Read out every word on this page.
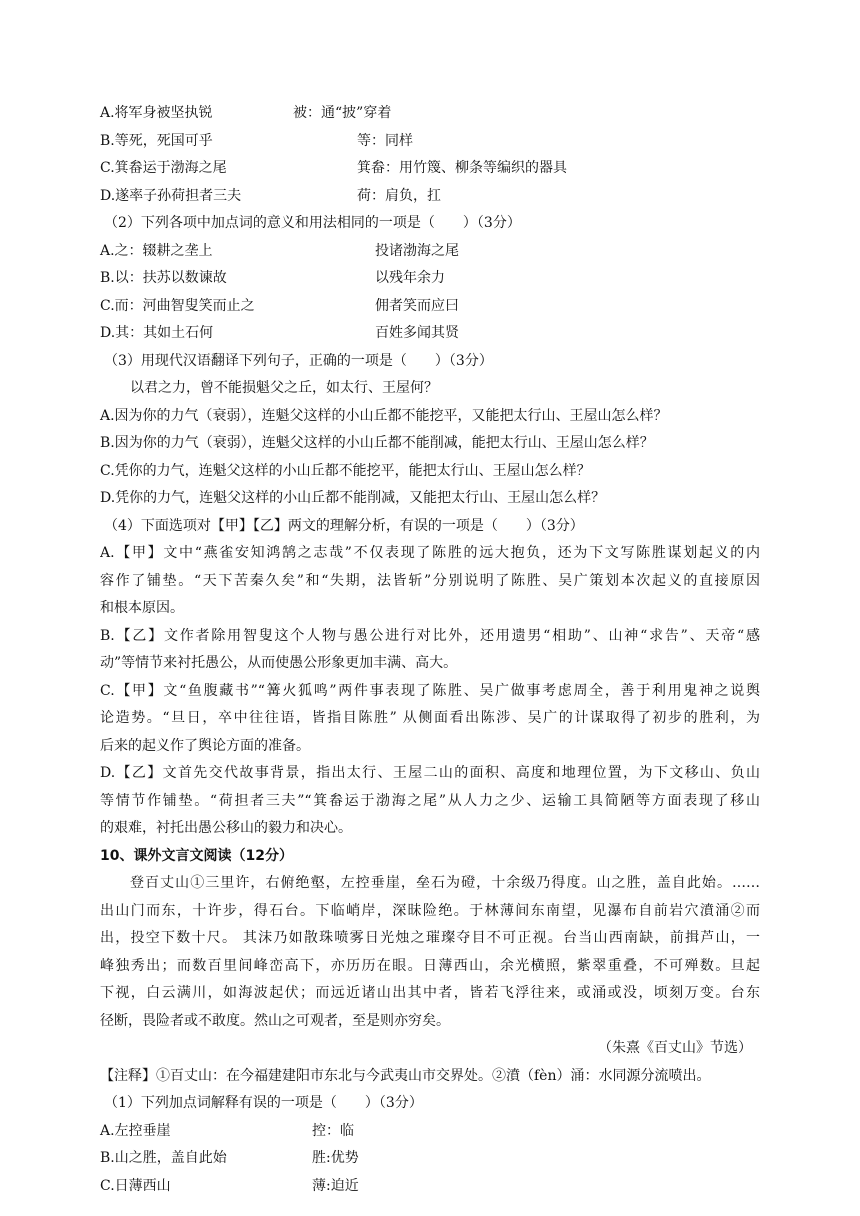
A.将军身被坚执锐	被：通“披”穿着
B.等死，死国可乎	等：同样
C.箕畚运于渤海之尾	箕畚：用竹篾、柳条等编织的器具
D.遂率子孙荷担者三夫	荷：肩负，扛
（2）下列各项中加点词的意义和用法相同的一项是（　　）（3分）
A.之：辍耕之垄上	投诸渤海之尾
B.以：扶苏以数谏故	以残年余力
C.而：河曲智叟笑而止之	佣者笑而应曰
D.其：其如土石何	百姓多闻其贤
（3）用现代汉语翻译下列句子，正确的一项是（　　）（3分）
以君之力，曾不能损魁父之丘，如太行、王屋何？
A.因为你的力气（衰弱），连魁父这样的小山丘都不能挖平，又能把太行山、王屋山怎么样？
B.因为你的力气（衰弱），连魁父这样的小山丘都不能削减，能把太行山、王屋山怎么样？
C.凭你的力气，连魁父这样的小山丘都不能挖平，能把太行山、王屋山怎么样？
D.凭你的力气，连魁父这样的小山丘都不能削减，又能把太行山、王屋山怎么样？
（4）下面选项对【甲】【乙】两文的理解分析，有误的一项是（　　）（3分）
A.【甲】文中“燕雀安知鸿鹄之志哉”不仅表现了陈胜的远大抱负，还为下文写陈胜谋划起义的内
容作了铺垫。“天下苦秦久矣”和“失期，法皆斩”分别说明了陈胜、吴广策划本次起义的直接原因
和根本原因。
B.【乙】文作者除用智叟这个人物与愚公进行对比外，还用遗男“相助”、山神“求告”、天帝“感
动”等情节来衬托愚公，从而使愚公形象更加丰满、高大。
C.【甲】文“鱼腹藏书”“篝火狐鸣”两件事表现了陈胜、吴广做事考虑周全，善于利用鬼神之说舆
论造势。“旦日，卒中往往语，皆指目陈胜” 从侧面看出陈涉、吴广的计谋取得了初步的胜利，为
后来的起义作了舆论方面的准备。
D.【乙】文首先交代故事背景，指出太行、王屋二山的面积、高度和地理位置，为下文移山、负山
等情节作铺垫。“荷担者三夫”“箕畚运于渤海之尾”从人力之少、运输工具简陋等方面表现了移山
的艰难，衬托出愚公移山的毅力和决心。
10、课外文言文阅读（12分）
登百丈山①三里许，右俯绝壑，左控垂崖，垒石为磴，十余级乃得度。山之胜，盖自此始。……
出山门而东，十许步，得石台。下临峭岸，深昧险绝。于林薄间东南望，见瀑布自前岩穴濆涌②而
出，投空下数十尺。 其沫乃如散珠喷雾日光烛之璀璨夺目不可正视。台当山西南缺，前揖芦山，一
峰独秀出；而数百里间峰峦高下，亦历历在眼。日薄西山，余光横照，紫翠重叠，不可殚数。旦起
下视，白云满川，如海波起伏；而远近诸山出其中者，皆若飞浮往来，或涌或没，顷刻万变。台东
径断，畏险者或不敢度。然山之可观者，至是则亦穷矣。
（朱熹《百丈山》节选）
【注释】①百丈山：在今福建建阳市东北与今武夷山市交界处。②濆（fèn）涌：水同源分流喷出。
（1）下列加点词解释有误的一项是（　　）（3分）
A.左控垂崖	控：临
B.山之胜，盖自此始	胜:优势
C.日薄西山	薄:迫近
